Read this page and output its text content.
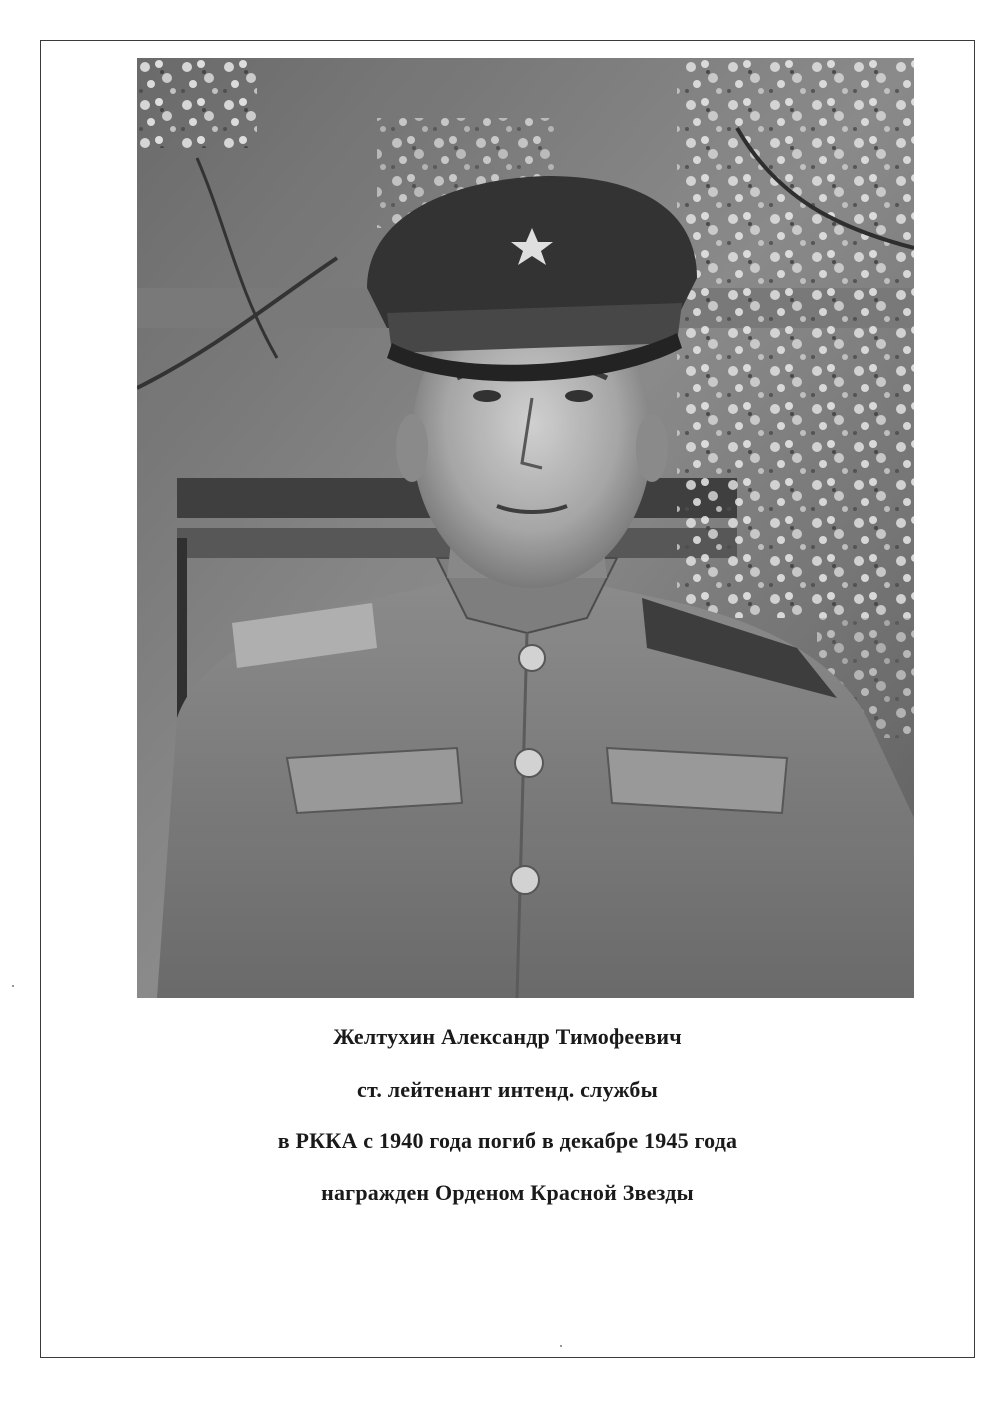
Желтухин Александр Тимофеевич
ст. лейтенант интенд. службы
в РККА с 1940 года погиб в декабре 1945 года
награжден Орденом Красной Звезды
